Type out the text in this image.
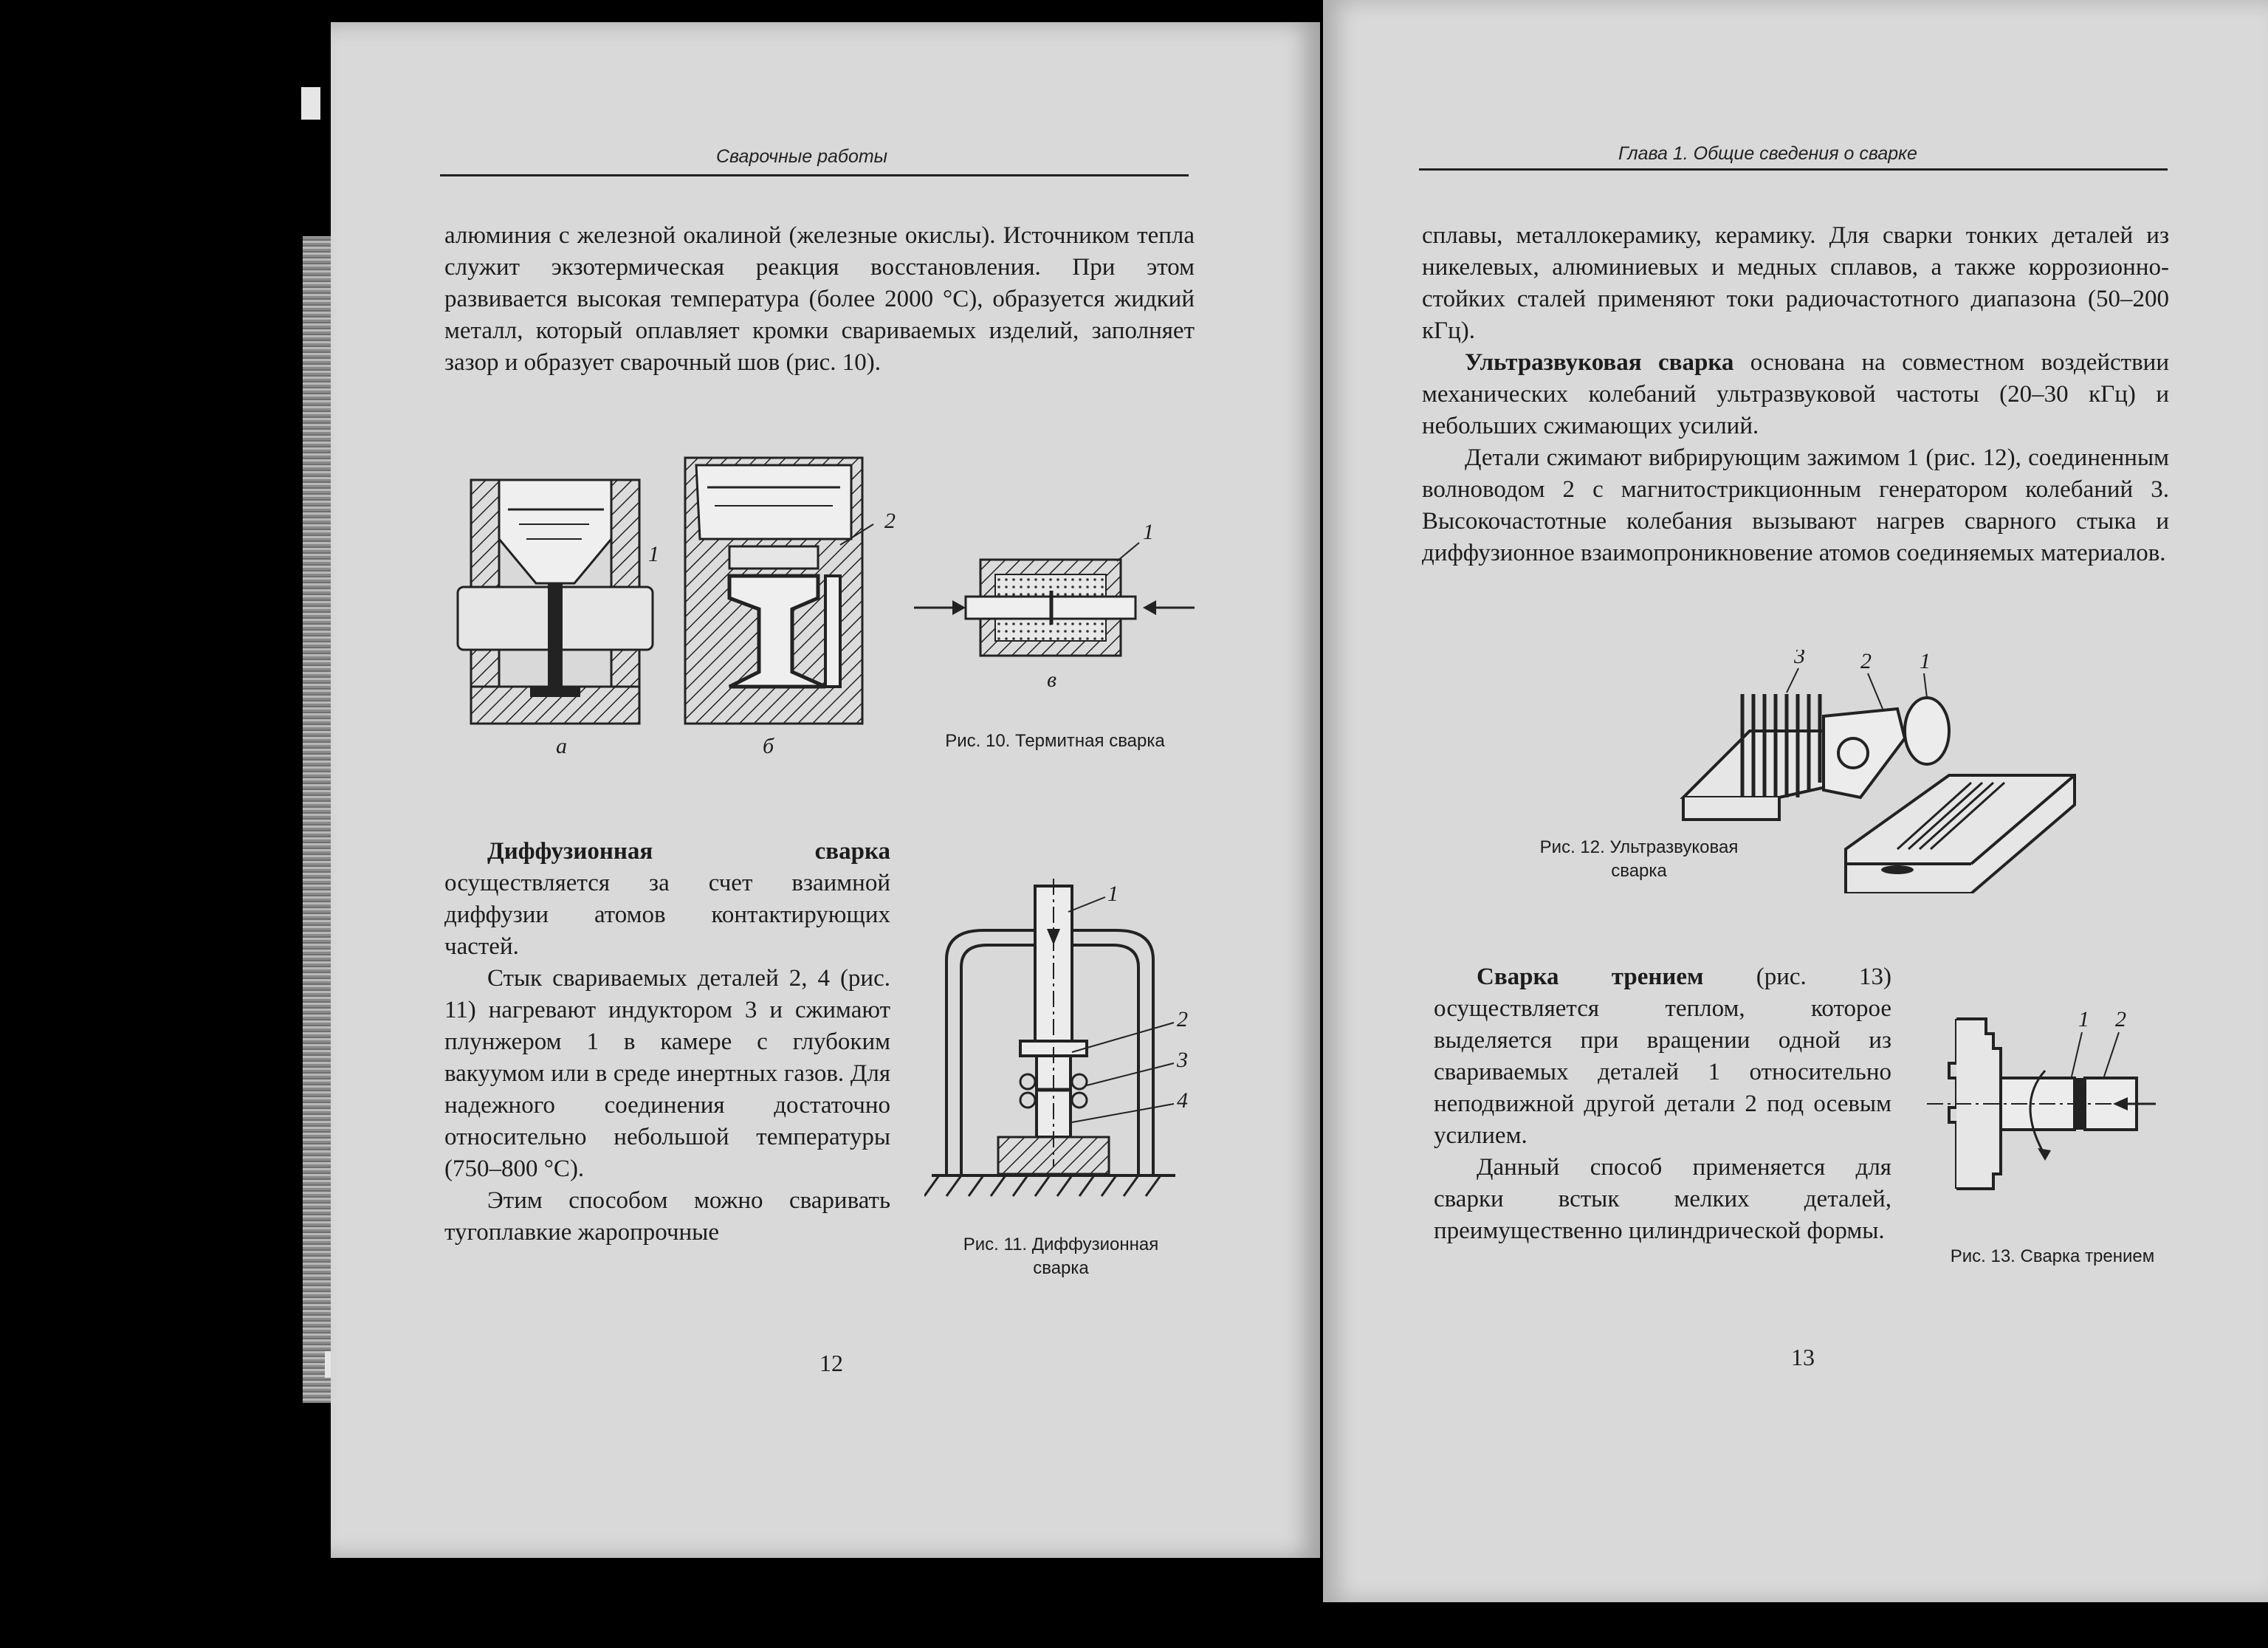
Сварочные работы

алюминия с железной окалиной (железные окислы). Источником тепла служит экзотермическая реакция восстановления. При этом развивается высокая температура (более 2000 °С), образуется жидкий металл, который оплавляет кромки свариваемых изделий, заполняет зазор и образует сварочный шов (рис. 10).

1
а
2
б
1
в
Рис. 10. Термитная сварка

Диффузионная сварка осуществляется за счет взаимной диффузии атомов контактирующих частей.

Стык свариваемых деталей 2, 4 (рис. 11) нагревают индуктором 3 и сжимают плунжером 1 в камере с глубоким вакуумом или в среде инертных газов. Для надежного соединения достаточно относительно небольшой температуры (750–800 °С).

Этим способом можно сваривать тугоплавкие жаропрочные

1
2
3
4
Рис. 11. Диффузионная сварка
12
Глава 1. Общие сведения о сварке

сплавы, металлокерамику, керамику. Для сварки тонких деталей из никелевых, алюминиевых и медных сплавов, а также коррозионно-стойких сталей применяют токи радиочастотного диапазона (50–200 кГц).

Ультразвуковая сварка основана на совместном воздействии механических колебаний ультразвуковой частоты (20–30 кГц) и небольших сжимающих усилий.

Детали сжимают вибрирующим зажимом 1 (рис. 12), соединенным волноводом 2 с магнитострикционным генератором колебаний 3. Высокочастотные колебания вызывают нагрев сварного стыка и диффузионное взаимопроникновение атомов соединяемых материалов.

3	2 1
Рис. 12. Ультразвуковая сварка

Сварка трением (рис. 13) осуществляется теплом, которое выделяется при вращении одной из свариваемых деталей 1 относительно неподвижной другой детали 2 под осевым усилием.

Данный способ применяется для сварки встык мелких деталей, преимущественно цилиндрической формы.

1 2
Рис. 13. Сварка трением
13
